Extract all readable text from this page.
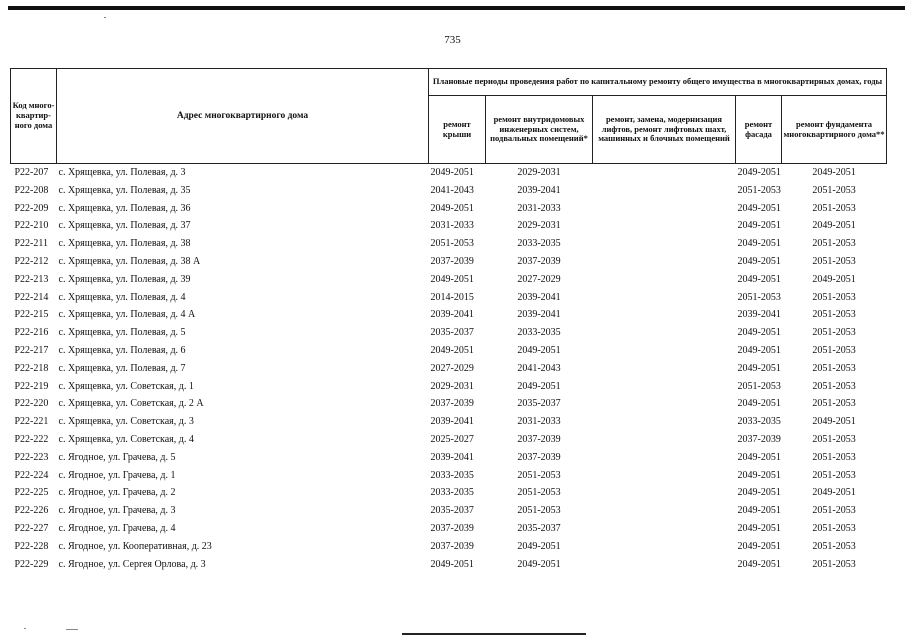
735
Код много-квартир-ного дома	Адрес многоквартирного дома	Плановые периоды проведения работ по капитальному ремонту общего имущества в многоквартирных домах, годы				
		ремонт крыши	ремонт внутридомовых инженерных систем, подвальных помещений*	ремонт, замена, модернизация лифтов, ремонт лифтовых шахт, машинных и блочных помещений	ремонт фасада	ремонт фундамента многоквартирного дома**
P22-207	с. Хрящевка, ул. Полевая, д. 3	2049-2051	2029-2031		2049-2051	2049-2051
P22-208	с. Хрящевка, ул. Полевая, д. 35	2041-2043	2039-2041		2051-2053	2051-2053
P22-209	с. Хрящевка, ул. Полевая, д. 36	2049-2051	2031-2033		2049-2051	2051-2053
P22-210	с. Хрящевка, ул. Полевая, д. 37	2031-2033	2029-2031		2049-2051	2049-2051
P22-211	с. Хрящевка, ул. Полевая, д. 38	2051-2053	2033-2035		2049-2051	2051-2053
P22-212	с. Хрящевка, ул. Полевая, д. 38 А	2037-2039	2037-2039		2049-2051	2051-2053
P22-213	с. Хрящевка, ул. Полевая, д. 39	2049-2051	2027-2029		2049-2051	2049-2051
P22-214	с. Хрящевка, ул. Полевая, д. 4	2014-2015	2039-2041		2051-2053	2051-2053
P22-215	с. Хрящевка, ул. Полевая, д. 4 А	2039-2041	2039-2041		2039-2041	2051-2053
P22-216	с. Хрящевка, ул. Полевая, д. 5	2035-2037	2033-2035		2049-2051	2051-2053
P22-217	с. Хрящевка, ул. Полевая, д. 6	2049-2051	2049-2051		2049-2051	2051-2053
P22-218	с. Хрящевка, ул. Полевая, д. 7	2027-2029	2041-2043		2049-2051	2051-2053
P22-219	с. Хрящевка, ул. Советская, д. 1	2029-2031	2049-2051		2051-2053	2051-2053
P22-220	с. Хрящевка, ул. Советская, д. 2 А	2037-2039	2035-2037		2049-2051	2051-2053
P22-221	с. Хрящевка, ул. Советская, д. 3	2039-2041	2031-2033		2033-2035	2049-2051
P22-222	с. Хрящевка, ул. Советская, д. 4	2025-2027	2037-2039		2037-2039	2051-2053
P22-223	с. Ягодное, ул. Грачева, д. 5	2039-2041	2037-2039		2049-2051	2051-2053
P22-224	с. Ягодное, ул. Грачева, д. 1	2033-2035	2051-2053		2049-2051	2051-2053
P22-225	с. Ягодное, ул. Грачева, д. 2	2033-2035	2051-2053		2049-2051	2049-2051
P22-226	с. Ягодное, ул. Грачева, д. 3	2035-2037	2051-2053		2049-2051	2051-2053
P22-227	с. Ягодное, ул. Грачева, д. 4	2037-2039	2035-2037		2049-2051	2051-2053
P22-228	с. Ягодное, ул. Кооперативная, д. 23	2037-2039	2049-2051		2049-2051	2051-2053
P22-229	с. Ягодное, ул. Сергея Орлова, д. 3	2049-2051	2049-2051		2049-2051	2051-2053
